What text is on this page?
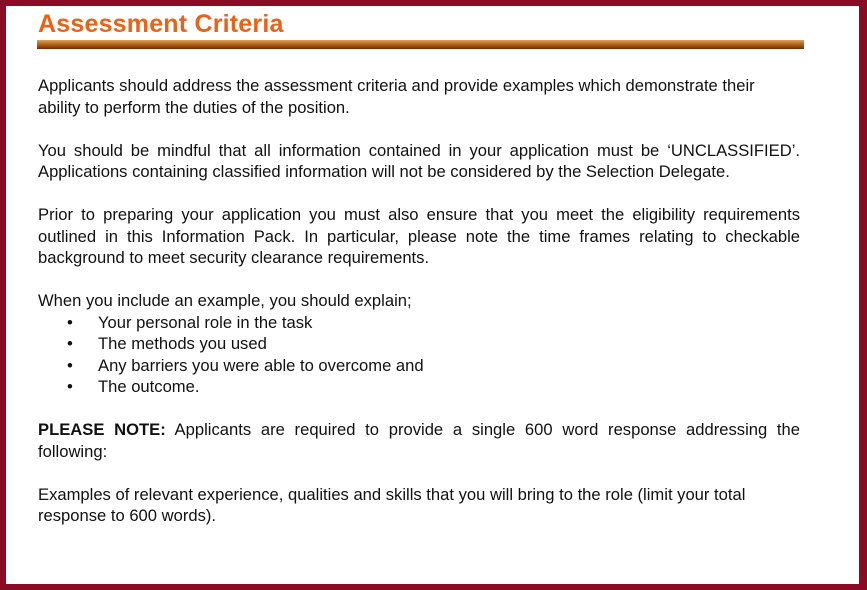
Assessment Criteria

Applicants should address the assessment criteria and provide examples which demonstrate their ability to perform the duties of the position.

You should be mindful that all information contained in your application must be ‘UNCLASSIFIED’. Applications containing classified information will not be considered by the Selection Delegate.

Prior to preparing your application you must also ensure that you meet the eligibility requirements outlined in this Information Pack. In particular, please note the time frames relating to checkable background to meet security clearance requirements.

When you include an example, you should explain;

• Your personal role in the task
• The methods you used
• Any barriers you were able to overcome and
• The outcome.

PLEASE NOTE: Applicants are required to provide a single 600 word response addressing the following:

Examples of relevant experience, qualities and skills that you will bring to the role (limit your total response to 600 words).
